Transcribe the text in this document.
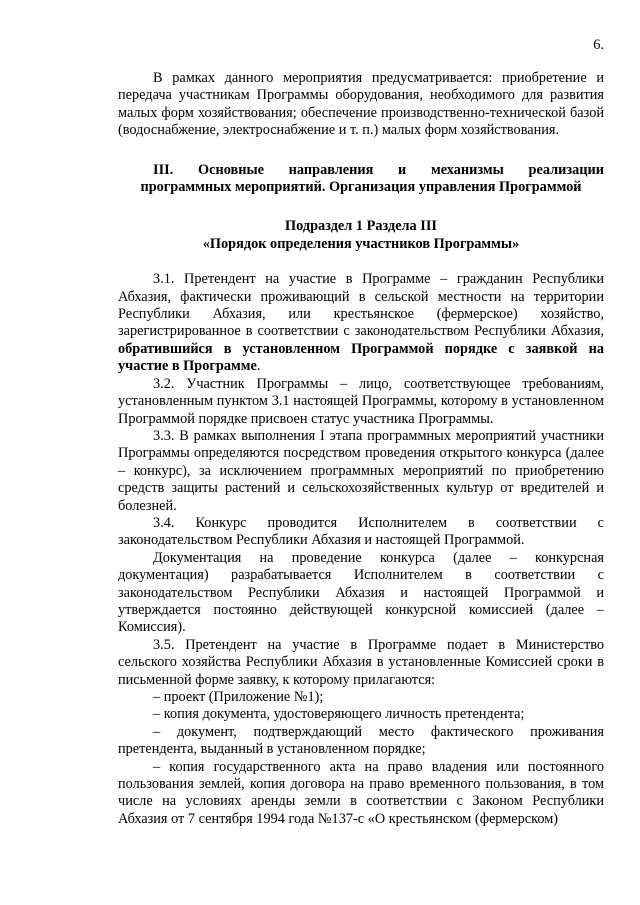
6.

В рамках данного мероприятия предусматривается: приобретение и передача участникам Программы оборудования, необходимого для развития малых форм хозяйствования; обеспечение производственно-технической базой (водоснабжение, электроснабжение и т. п.) малых форм хозяйствования.

III. Основные направления и механизмы реализации

программных мероприятий. Организация управления Программой

Подраздел 1 Раздела III

«Порядок определения участников Программы»

3.1. Претендент на участие в Программе – гражданин Республики Абхазия, фактически проживающий в сельской местности на территории Республики Абхазия, или крестьянское (фермерское) хозяйство, зарегистрированное в соответствии с законодательством Республики Абхазия, обратившийся в установленном Программой порядке с заявкой на участие в Программе.

3.2. Участник Программы – лицо, соответствующее требованиям, установленным пунктом 3.1 настоящей Программы, которому в установленном Программой порядке присвоен статус участника Программы.

3.3. В рамках выполнения I этапа программных мероприятий участники Программы определяются посредством проведения открытого конкурса (далее – конкурс), за исключением программных мероприятий по приобретению средств защиты растений и сельскохозяйственных культур от вредителей и болезней.

3.4. Конкурс проводится Исполнителем в соответствии с законодательством Республики Абхазия и настоящей Программой.

Документация на проведение конкурса (далее – конкурсная документация) разрабатывается Исполнителем в соответствии с законодательством Республики Абхазия и настоящей Программой и утверждается постоянно действующей конкурсной комиссией (далее – Комиссия).

3.5. Претендент на участие в Программе подает в Министерство сельского хозяйства Республики Абхазия в установленные Комиссией сроки в письменной форме заявку, к которому прилагаются:

– проект (Приложение №1);

– копия документа, удостоверяющего личность претендента;

– документ, подтверждающий место фактического проживания претендента, выданный в установленном порядке;

– копия государственного акта на право владения или постоянного пользования землей, копия договора на право временного пользования, в том числе на условиях аренды земли в соответствии с Законом Республики Абхазия от 7 сентября 1994 года №137-с «О крестьянском (фермерском)
